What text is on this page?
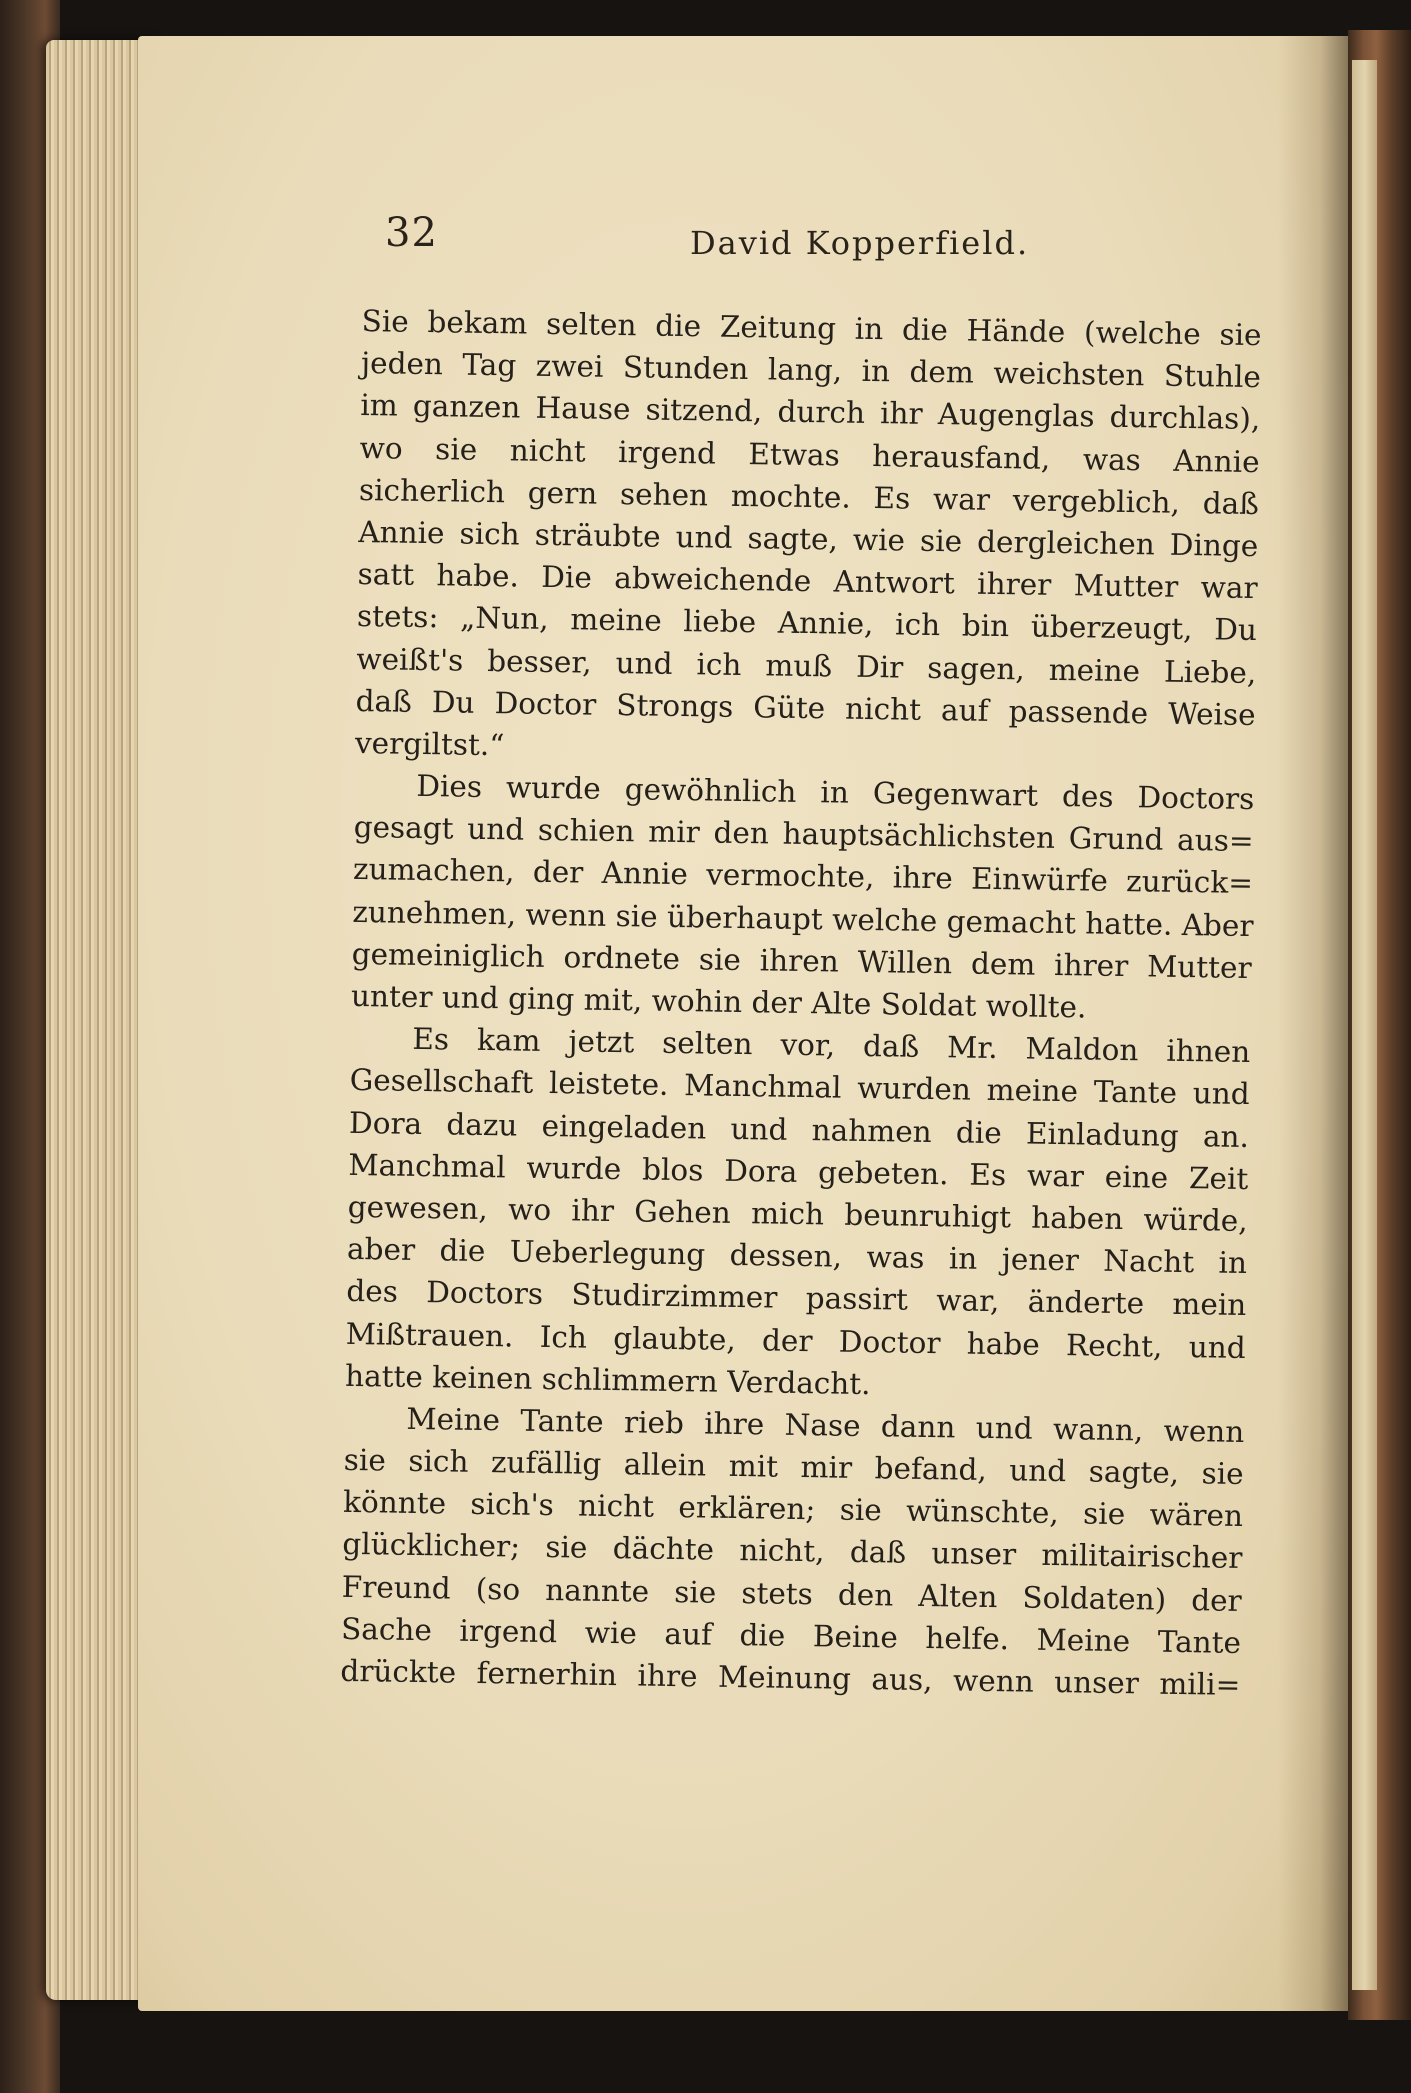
32	David Kopperfield.
Sie bekam selten die Zeitung in die Hände (welche sie
jeden Tag zwei Stunden lang, in dem weichsten Stuhle
im ganzen Hause sitzend, durch ihr Augenglas durchlas),
wo sie nicht irgend Etwas herausfand, was Annie
sicherlich gern sehen mochte. Es war vergeblich, daß
Annie sich sträubte und sagte, wie sie dergleichen Dinge
satt habe. Die abweichende Antwort ihrer Mutter war
stets: „Nun, meine liebe Annie, ich bin überzeugt, Du
weißt's besser, und ich muß Dir sagen, meine Liebe,
daß Du Doctor Strongs Güte nicht auf passende Weise
vergiltst.“
Dies wurde gewöhnlich in Gegenwart des Doctors
gesagt und schien mir den hauptsächlichsten Grund aus=
zumachen, der Annie vermochte, ihre Einwürfe zurück=
zunehmen, wenn sie überhaupt welche gemacht hatte. Aber
gemeiniglich ordnete sie ihren Willen dem ihrer Mutter
unter und ging mit, wohin der Alte Soldat wollte.
Es kam jetzt selten vor, daß Mr. Maldon ihnen
Gesellschaft leistete. Manchmal wurden meine Tante und
Dora dazu eingeladen und nahmen die Einladung an.
Manchmal wurde blos Dora gebeten. Es war eine Zeit
gewesen, wo ihr Gehen mich beunruhigt haben würde,
aber die Ueberlegung dessen, was in jener Nacht in
des Doctors Studirzimmer passirt war, änderte mein
Mißtrauen. Ich glaubte, der Doctor habe Recht, und
hatte keinen schlimmern Verdacht.
Meine Tante rieb ihre Nase dann und wann, wenn
sie sich zufällig allein mit mir befand, und sagte, sie
könnte sich's nicht erklären; sie wünschte, sie wären
glücklicher; sie dächte nicht, daß unser militairischer
Freund (so nannte sie stets den Alten Soldaten) der
Sache irgend wie auf die Beine helfe. Meine Tante
drückte fernerhin ihre Meinung aus, wenn unser mili=
